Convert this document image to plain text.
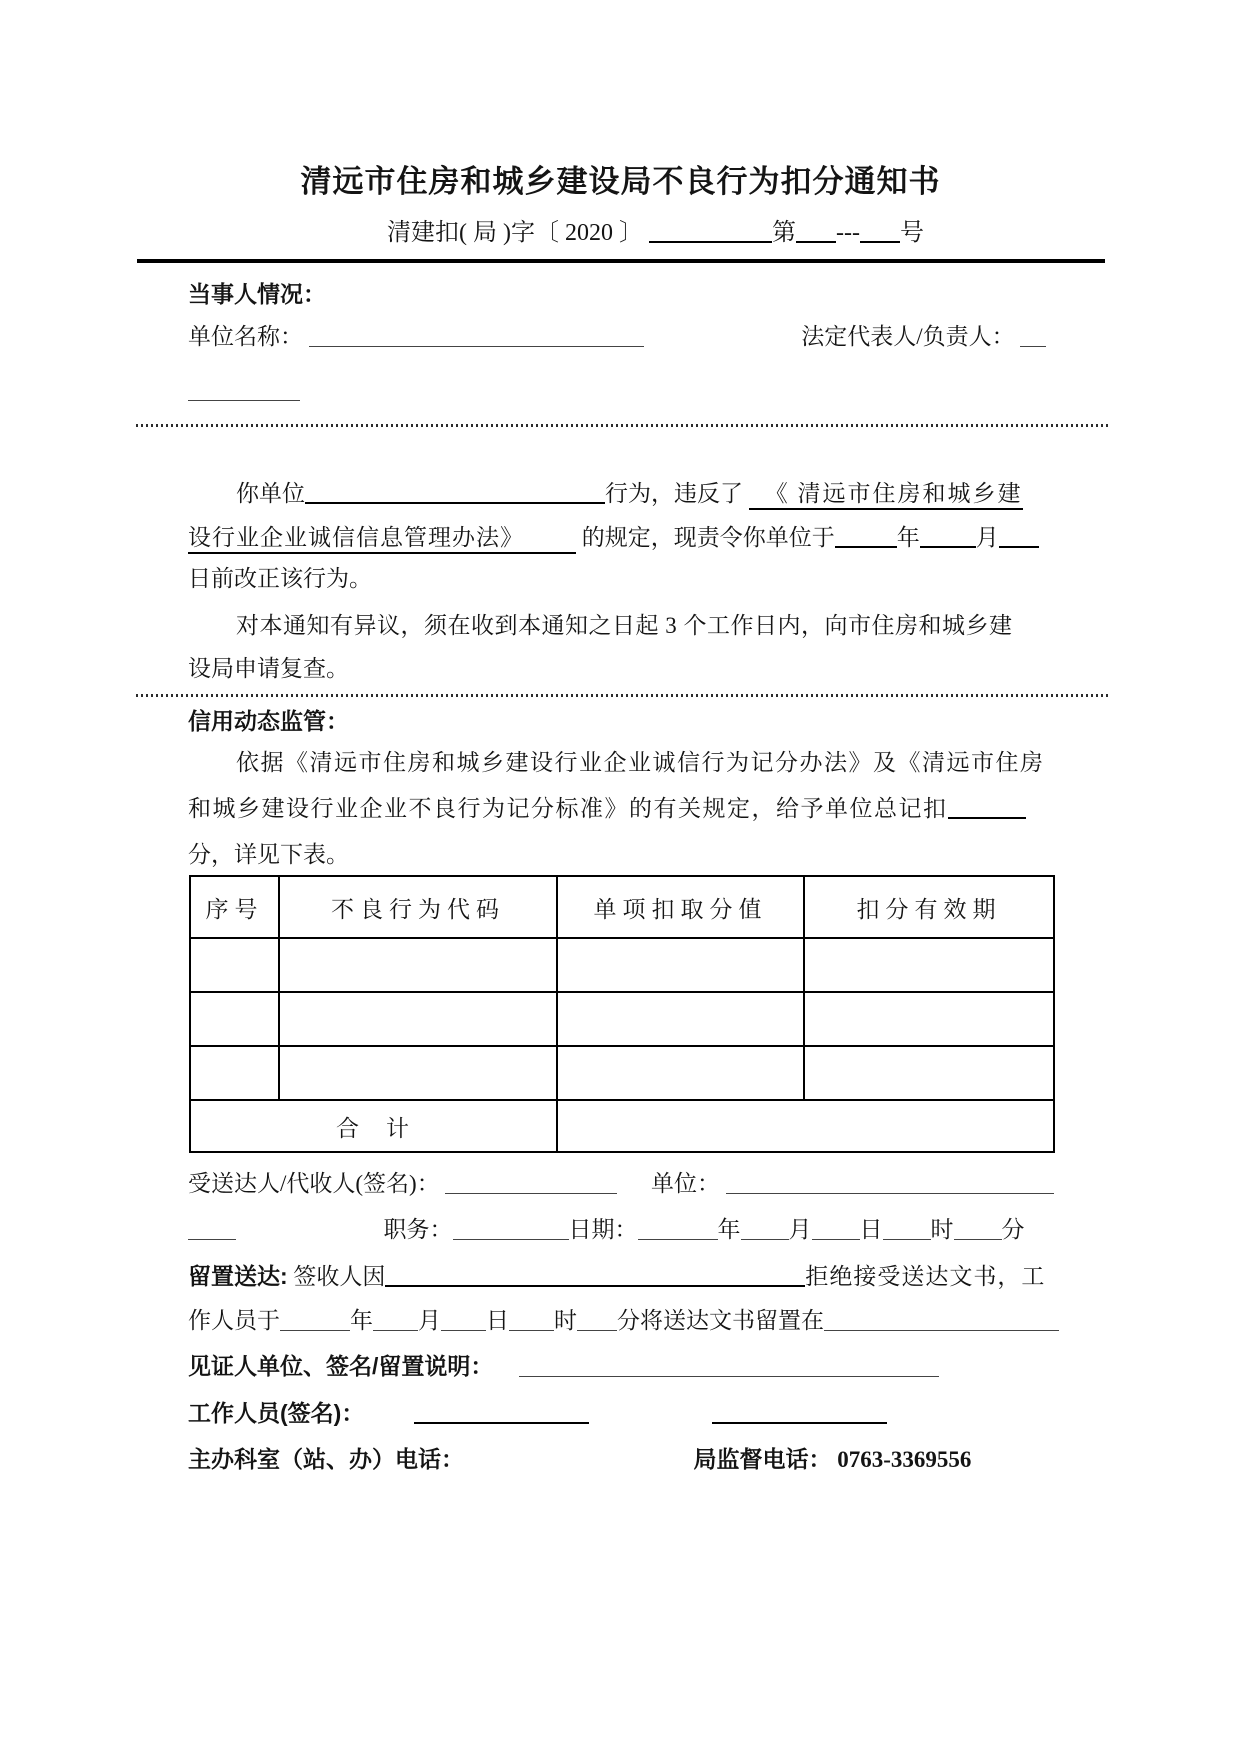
清远市住房和城乡建设局不良行为扣分通知书
清建扣( 局 )字〔 2020 〕	第 --- 号
当事人情况：
单位名称：	法定代表人/负责人：
你单位	行为，违反了 《 清远市住房和城乡建
设行业企业诚信信息管理办法》	的规定，现责令你单位于	年 月
日前改正该行为。
对本通知有异议，须在收到本通知之日起 3 个工作日内，向市住房和城乡建
设局申请复查。
信用动态监管：
依据《清远市住房和城乡建设行业企业诚信行为记分办法》及《清远市住房
和城乡建设行业企业不良行为记分标准》的有关规定，给予单位总记扣
分，详见下表。
序号	不良行为代码	单项扣取分值	扣分有效期

合　计			
受送达人/代收人(签名)：	单位：
职务：	日期：	年 月 日 时 分
留置送达: 签收人因	拒绝接受送达文书，工
作人员于	年 月 日 时 分将送达文书留置在
见证人单位、签名/留置说明：
工作人员(签名)：
主办科室（站、办）电话：	局监督电话： 0763-3369556
